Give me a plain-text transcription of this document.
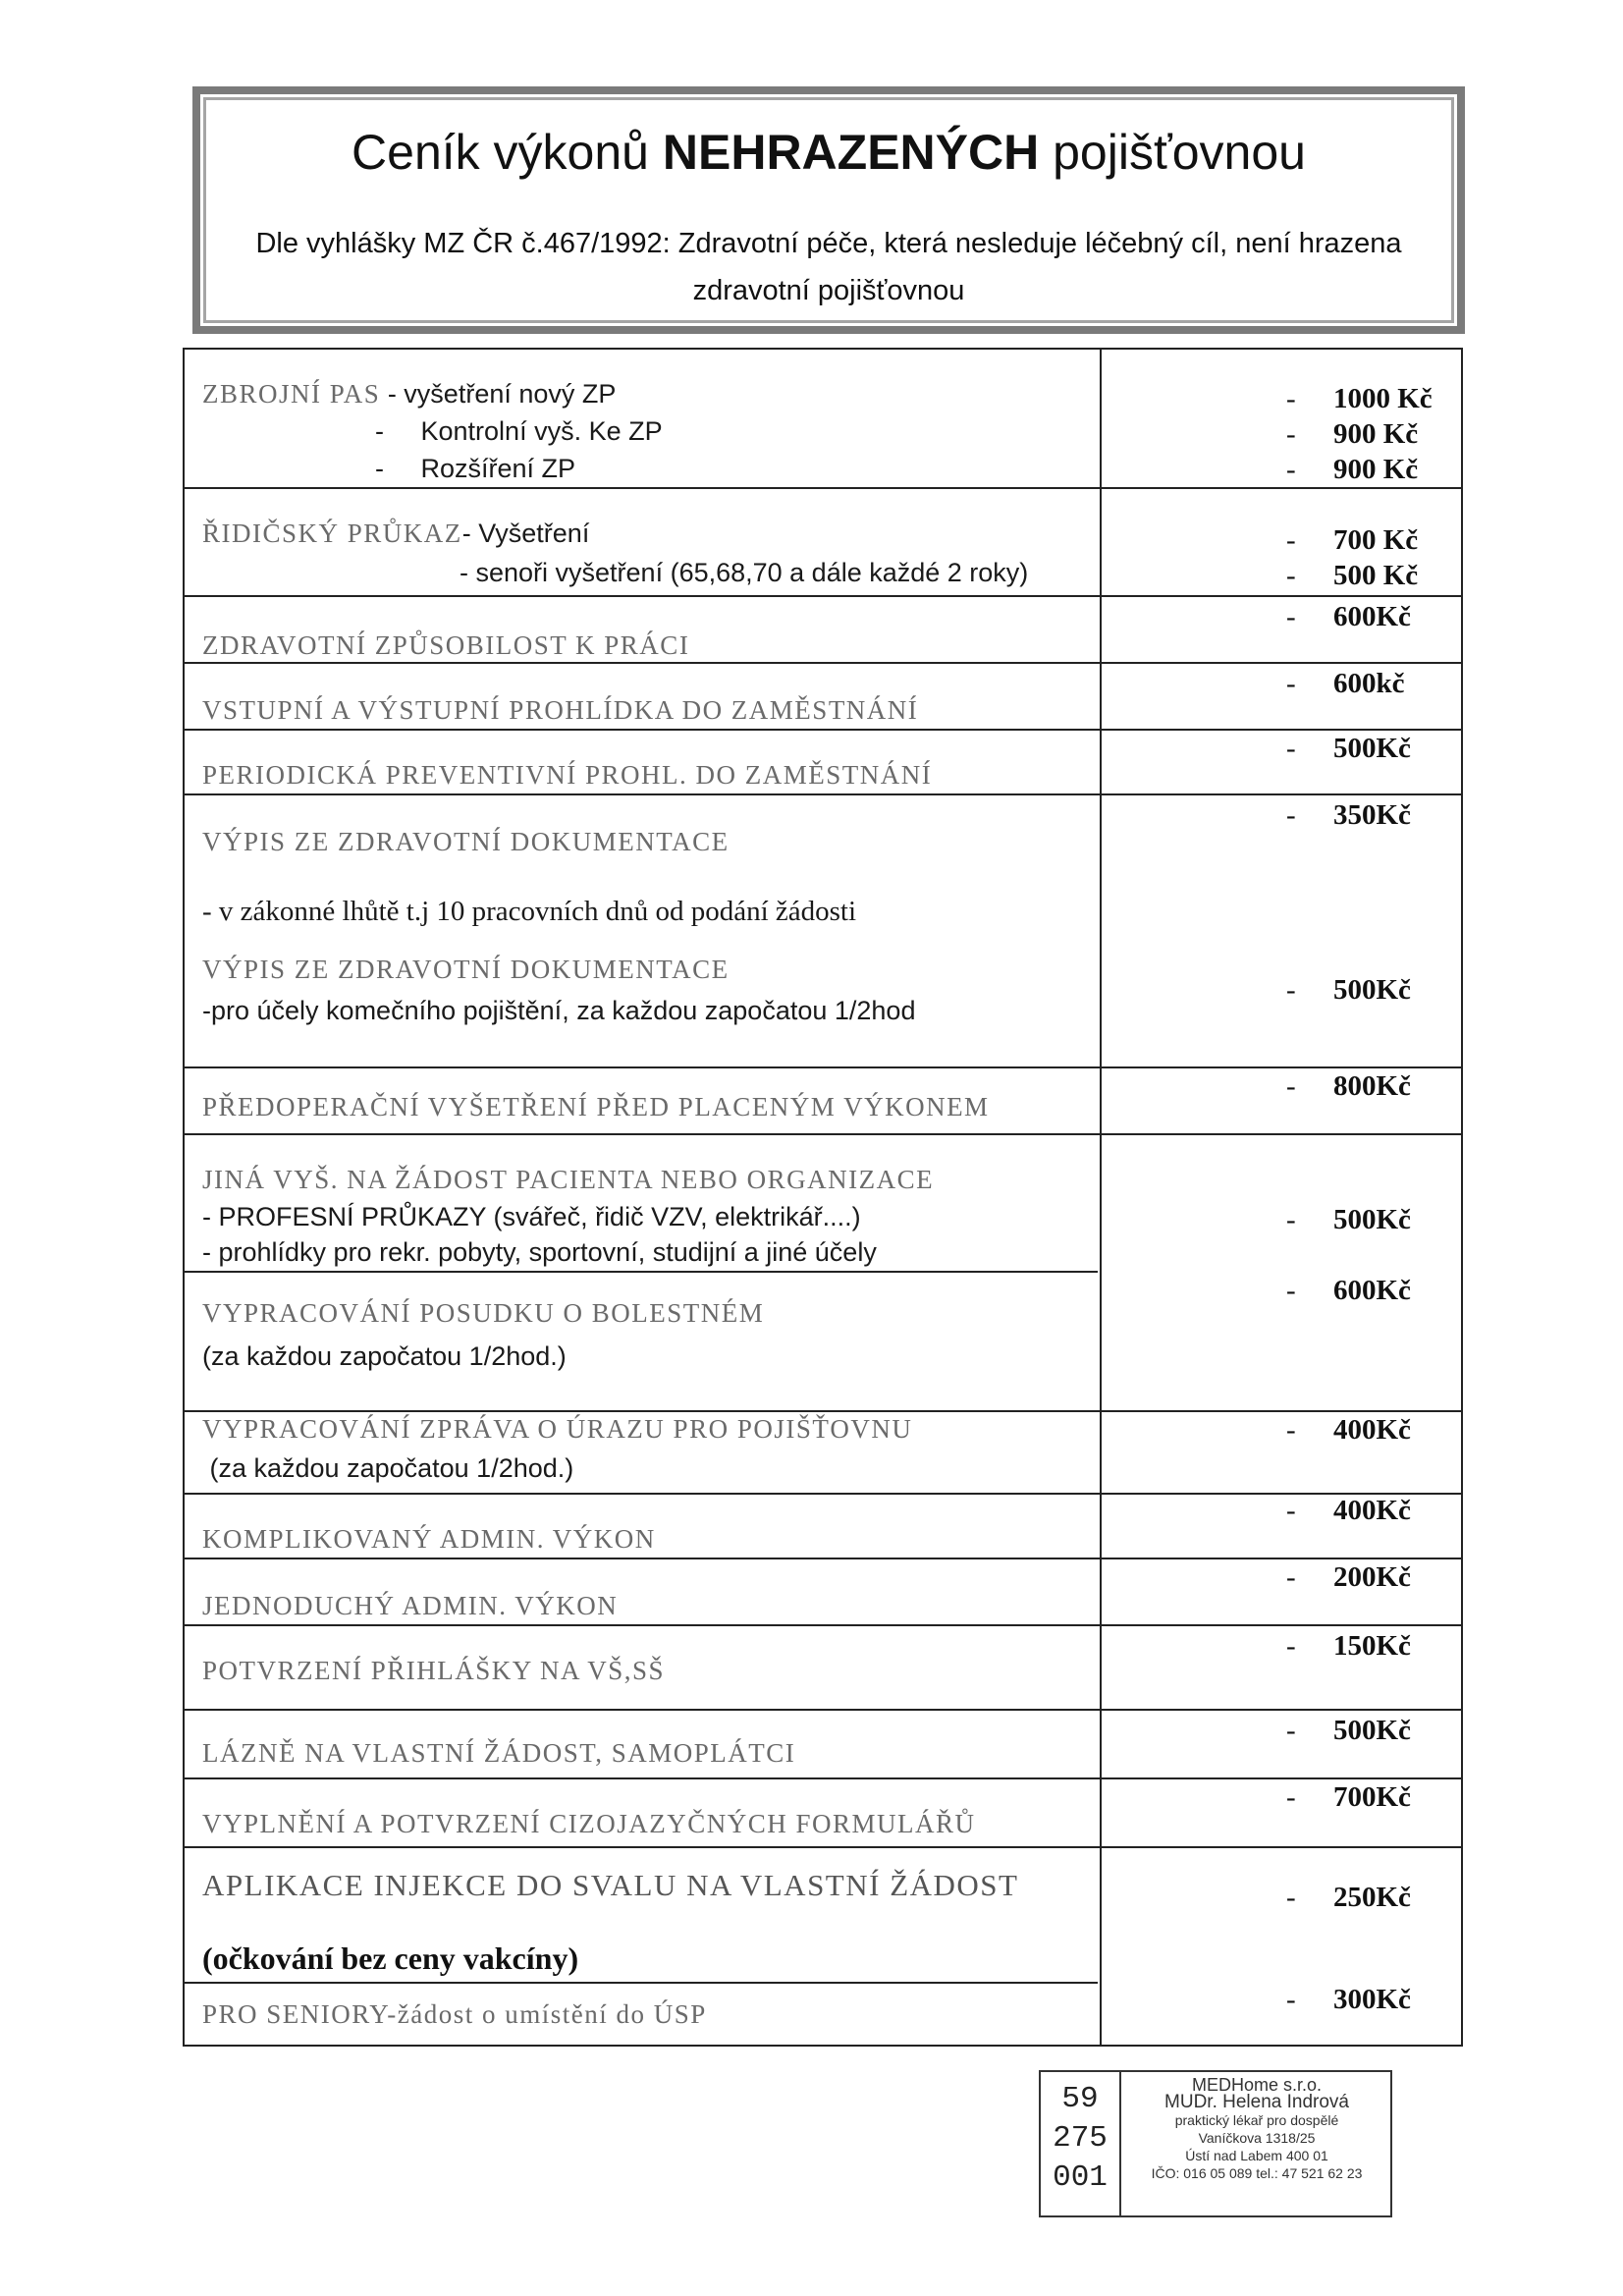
Ceník výkonů NEHRAZENÝCH pojišťovnou
Dle vyhlášky MZ ČR č.467/1992: Zdravotní péče, která nesleduje léčebný cíl, není hrazena
zdravotní pojišťovnou
ZBROJNÍ PAS - vyšetření nový ZP
-     Kontrolní vyš. Ke ZP
-     Rozšíření ZP
- 1000 Kč
- 900 Kč
- 900 Kč
ŘIDIČSKÝ PRŮKAZ- Vyšetření
- senoři vyšetření (65,68,70 a dále každé 2 roky)
- 700 Kč
- 500 Kč
ZDRAVOTNÍ ZPŮSOBILOST K PRÁCI
- 600Kč
VSTUPNÍ A VÝSTUPNÍ PROHLÍDKA DO ZAMĚSTNÁNÍ
- 600kč
PERIODICKÁ PREVENTIVNÍ PROHL. DO ZAMĚSTNÁNÍ
- 500Kč
VÝPIS ZE ZDRAVOTNÍ DOKUMENTACE
- v zákonné lhůtě t.j 10 pracovních dnů od podání žádosti
- 350Kč
VÝPIS ZE ZDRAVOTNÍ DOKUMENTACE
-pro účely komečního pojištění, za každou započatou 1/2hod
- 500Kč
PŘEDOPERAČNÍ VYŠETŘENÍ PŘED PLACENÝM VÝKONEM
- 800Kč
JINÁ VYŠ. NA ŽÁDOST PACIENTA NEBO ORGANIZACE
- PROFESNÍ PRŮKAZY (svářeč, řidič VZV, elektrikář....)
- prohlídky pro rekr. pobyty, sportovní, studijní a jiné účely
- 500Kč
VYPRACOVÁNÍ POSUDKU O BOLESTNÉM
(za každou započatou 1/2hod.)
- 600Kč
VYPRACOVÁNÍ ZPRÁVA O ÚRAZU PRO POJIŠŤOVNU
(za každou započatou 1/2hod.)
- 400Kč
KOMPLIKOVANÝ ADMIN. VÝKON
- 400Kč
JEDNODUCHÝ ADMIN. VÝKON
- 200Kč
POTVRZENÍ PŘIHLÁŠKY NA VŠ,SŠ
- 150Kč
LÁZNĚ NA VLASTNÍ ŽÁDOST, SAMOPLÁTCI
- 500Kč
VYPLNĚNÍ A POTVRZENÍ CIZOJAZYČNÝCH FORMULÁŘŮ
- 700Kč
APLIKACE INJEKCE DO SVALU NA VLASTNÍ ŽÁDOST
(očkování bez ceny vakcíny)
- 250Kč
PRO SENIORY-žádost o umístění do ÚSP	- 300Kč
59
275
001
MEDHome s.r.o.
MUDr. Helena Indrová
praktický lékař pro dospělé
Vaníčkova 1318/25
Ústí nad Labem 400 01
IČO: 016 05 089 tel.: 47 521 62 23
